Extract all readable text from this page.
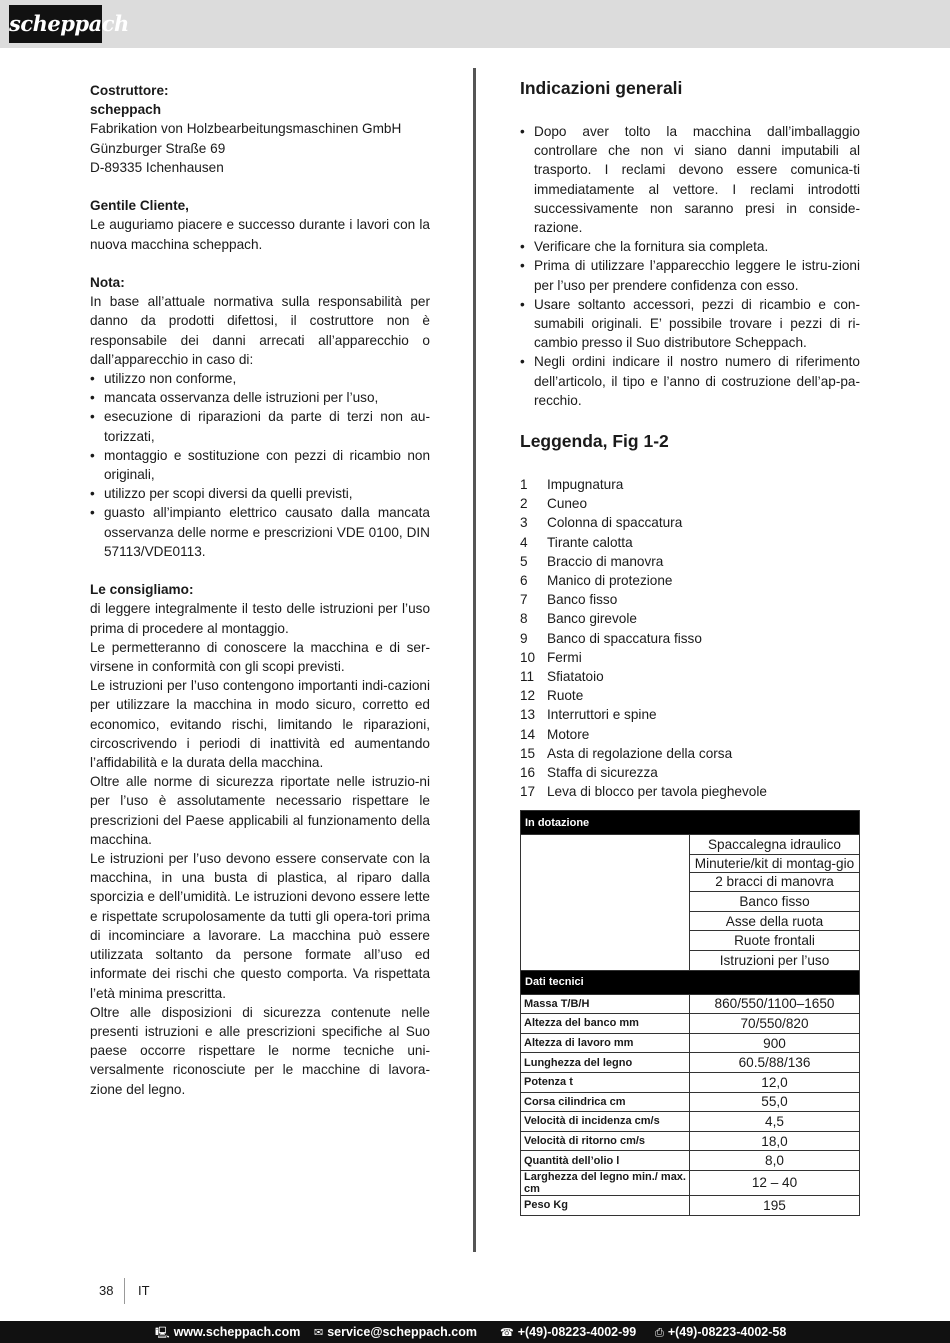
scheppach

Costruttore:

scheppach

Fabrikation von Holzbearbeitungsmaschinen GmbH

Günzburger Straße 69

D-89335 Ichenhausen

Gentile Cliente,

Le auguriamo piacere e successo durante i lavori con la nuova macchina scheppach.

Nota:

In base all’attuale normativa sulla responsabilità per danno da prodotti difettosi, il costruttore non è responsabile dei danni arrecati all’apparecchio o dall’apparecchio in caso di:

• utilizzo non conforme,
• mancata osservanza delle istruzioni per l’uso,
• esecuzione di riparazioni da parte di terzi non au-torizzati,
• montaggio e sostituzione con pezzi di ricambio non originali,
• utilizzo per scopi diversi da quelli previsti,
• guasto all’impianto elettrico causato dalla mancata osservanza delle norme e prescrizioni VDE 0100, DIN 57113/VDE0113.

Le consigliamo:

di leggere integralmente il testo delle istruzioni per l’uso prima di procedere al montaggio.

Le permetteranno di conoscere la macchina e di ser-virsene in conformità con gli scopi previsti.

Le istruzioni per l’uso contengono importanti indi-cazioni per utilizzare la macchina in modo sicuro, corretto ed economico, evitando rischi, limitando le riparazioni, circoscrivendo i periodi di inattività ed aumentando l’affidabilità e la durata della macchina.

Oltre alle norme di sicurezza riportate nelle istruzio-ni per l’uso è assolutamente necessario rispettare le prescrizioni del Paese applicabili al funzionamento della macchina.

Le istruzioni per l’uso devono essere conservate con la macchina, in una busta di plastica, al riparo dalla sporcizia e dell’umidità. Le istruzioni devono essere lette e rispettate scrupolosamente da tutti gli opera-tori prima di incominciare a lavorare. La macchina può essere utilizzata soltanto da persone formate all’uso ed informate dei rischi che questo comporta. Va rispettata l’età minima prescritta.

Oltre alle disposizioni di sicurezza contenute nelle presenti istruzioni e alle prescrizioni specifiche al Suo paese occorre rispettare le norme tecniche uni-versalmente riconosciute per le macchine di lavora-zione del legno.

Indicazioni generali
• Dopo aver tolto la macchina dall’imballaggio controllare che non vi siano danni imputabili al trasporto. I reclami devono essere comunica-ti immediatamente al vettore. I reclami introdotti successivamente non saranno presi in conside-razione.
• Verificare che la fornitura sia completa.
• Prima di utilizzare l’apparecchio leggere le istru-zioni per l’uso per prendere confidenza con esso.
• Usare soltanto accessori, pezzi di ricambio e con-sumabili originali. E’ possibile trovare i pezzi di ri-cambio presso il Suo distributore Scheppach.
• Negli ordini indicare il nostro numero di riferimento dell’articolo, il tipo e l’anno di costruzione dell’ap-pa-recchio.
Leggenda, Fig 1-2
1	Impugnatura
2	Cuneo
3	Colonna di spaccatura
4	Tirante calotta
5	Braccio di manovra
6	Manico di protezione
7	Banco fisso
8	Banco girevole
9	Banco di spaccatura fisso
10 Fermi
11 Sfiatatoio
12 Ruote
13 Interruttori e spine
14 Motore
15 Asta di regolazione della corsa
16 Staffa di sicurezza
17 Leva di blocco per tavola pieghevole
In dotazione	
	Spaccalegna idraulico
	Minuterie/kit di montag-gio
	2 bracci di manovra
	Banco fisso
	Asse della ruota
	Ruote frontali
	Istruzioni per l’uso
Dati tecnici	
Massa T/B/H	860/550/1100–1650
Altezza del banco mm	70/550/820
Altezza di lavoro mm	900
Lunghezza del legno	60.5/88/136
Potenza t	12,0
Corsa cilindrica cm	55,0
Velocità di incidenza cm/s	4,5
Velocità di ritorno cm/s	18,0
Quantità dell’olio l	8,0
Larghezza del legno min./ max. cm	12 – 40
Peso Kg	195
38 IT
🖳 www.scheppach.com ✉ service@scheppach.com ☎ +(49)-08223-4002-99 ⎙ +(49)-08223-4002-58
